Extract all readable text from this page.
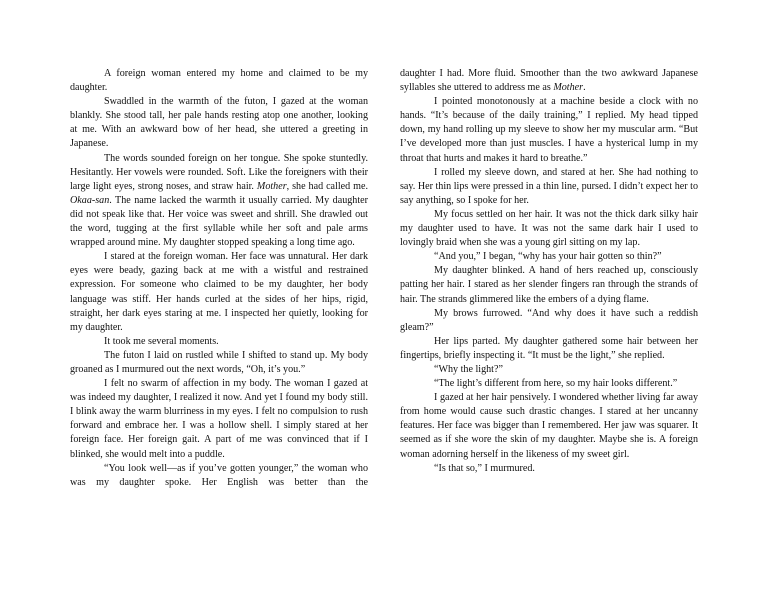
A foreign woman entered my home and claimed to be my daughter.

Swaddled in the warmth of the futon, I gazed at the woman blankly. She stood tall, her pale hands resting atop one another, looking at me. With an awkward bow of her head, she uttered a greeting in Japanese.

The words sounded foreign on her tongue. She spoke stuntedly. Hesitantly. Her vowels were rounded. Soft. Like the foreigners with their large light eyes, strong noses, and straw hair. Mother, she had called me. Okaa-san. The name lacked the warmth it usually carried. My daughter did not speak like that. Her voice was sweet and shrill. She drawled out the word, tugging at the first syllable while her soft and pale arms wrapped around mine. My daughter stopped speaking a long time ago.

I stared at the foreign woman. Her face was unnatural. Her dark eyes were beady, gazing back at me with a wistful and restrained expression. For someone who claimed to be my daughter, her body language was stiff. Her hands curled at the sides of her hips, rigid, straight, her dark eyes staring at me. I inspected her quietly, looking for my daughter.

It took me several moments.

The futon I laid on rustled while I shifted to stand up. My body groaned as I murmured out the next words, “Oh, it’s you.”

I felt no swarm of affection in my body. The woman I gazed at was indeed my daughter, I realized it now. And yet I found my body still. I blink away the warm blurriness in my eyes. I felt no compulsion to rush forward and embrace her. I was a hollow shell. I simply stared at her foreign face. Her foreign gait. A part of me was convinced that if I blinked, she would melt into a puddle.

“You look well—as if you’ve gotten younger,” the woman who was my daughter spoke. Her English was better than the

daughter I had. More fluid. Smoother than the two awkward Japanese syllables she uttered to address me as Mother.

I pointed monotonously at a machine beside a clock with no hands. “It’s because of the daily training,” I replied. My head tipped down, my hand rolling up my sleeve to show her my muscular arm. “But I’ve developed more than just muscles. I have a hysterical lump in my throat that hurts and makes it hard to breathe.”

I rolled my sleeve down, and stared at her. She had nothing to say. Her thin lips were pressed in a thin line, pursed. I didn’t expect her to say anything, so I spoke for her.

My focus settled on her hair. It was not the thick dark silky hair my daughter used to have. It was not the same dark hair I used to lovingly braid when she was a young girl sitting on my lap.

“And you,” I began, “why has your hair gotten so thin?”

My daughter blinked. A hand of hers reached up, consciously patting her hair. I stared as her slender fingers ran through the strands of hair. The strands glimmered like the embers of a dying flame.

My brows furrowed. “And why does it have such a reddish gleam?”

Her lips parted. My daughter gathered some hair between her fingertips, briefly inspecting it. “It must be the light,” she replied.

“Why the light?”

“The light’s different from here, so my hair looks different.”

I gazed at her hair pensively. I wondered whether living far away from home would cause such drastic changes. I stared at her uncanny features. Her face was bigger than I remembered. Her jaw was squarer. It seemed as if she wore the skin of my daughter. Maybe she is. A foreign woman adorning herself in the likeness of my sweet girl.

“Is that so,” I murmured.
